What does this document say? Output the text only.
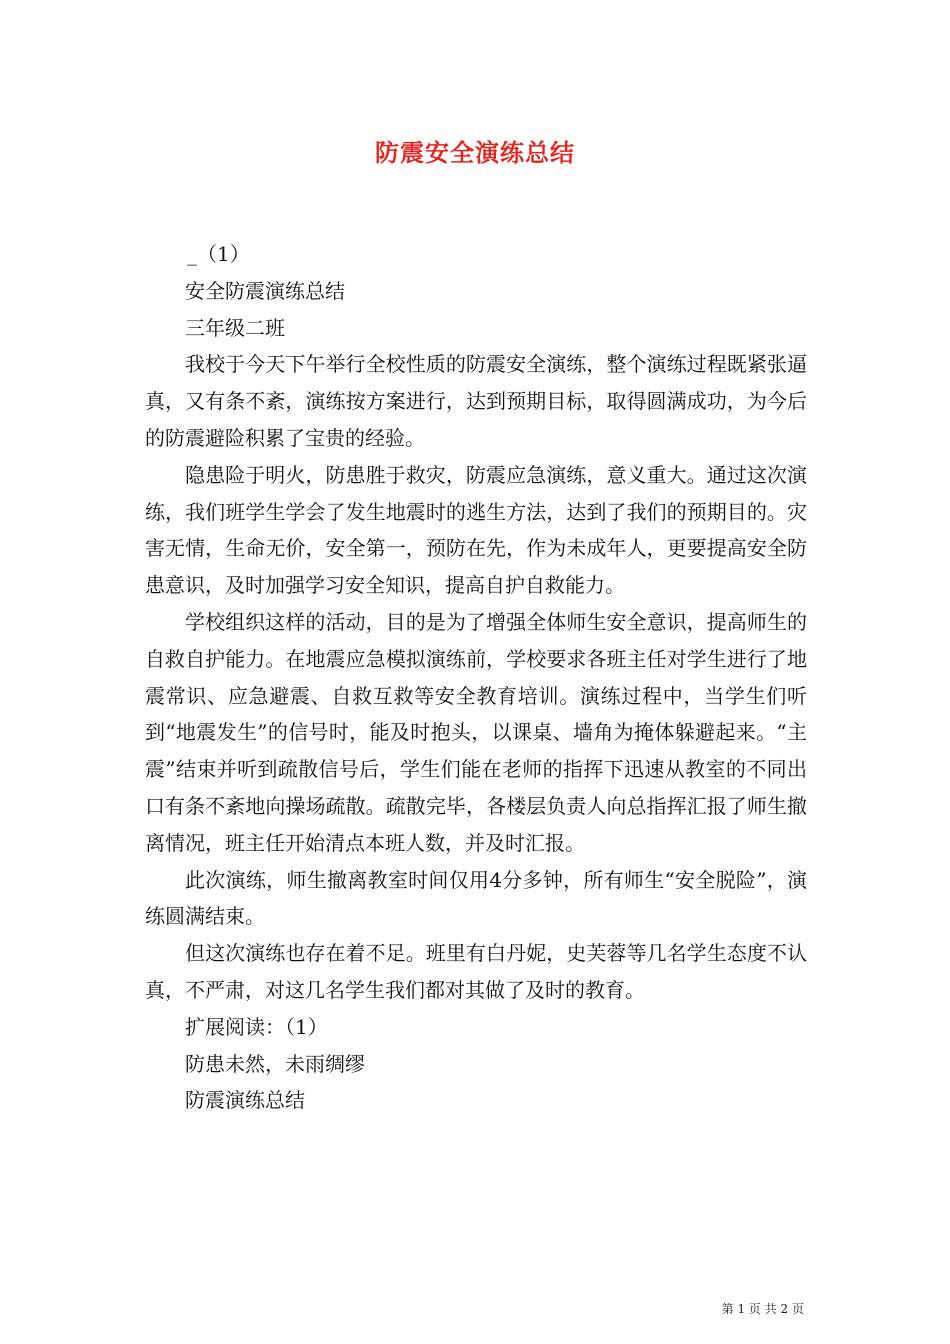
防震安全演练总结

_（1）

安全防震演练总结

三年级二班

我校于今天下午举行全校性质的防震安全演练，整个演练过程既紧张逼真，又有条不紊，演练按方案进行，达到预期目标，取得圆满成功，为今后的防震避险积累了宝贵的经验。

隐患险于明火，防患胜于救灾，防震应急演练，意义重大。通过这次演练，我们班学生学会了发生地震时的逃生方法，达到了我们的预期目的。灾害无情，生命无价，安全第一，预防在先，作为未成年人，更要提高安全防患意识，及时加强学习安全知识，提高自护自救能力。

学校组织这样的活动，目的是为了增强全体师生安全意识，提高师生的自救自护能力。在地震应急模拟演练前，学校要求各班主任对学生进行了地震常识、应急避震、自救互救等安全教育培训。演练过程中，当学生们听到“地震发生”的信号时，能及时抱头，以课桌、墙角为掩体躲避起来。“主震”结束并听到疏散信号后，学生们能在老师的指挥下迅速从教室的不同出口有条不紊地向操场疏散。疏散完毕，各楼层负责人向总指挥汇报了师生撤离情况，班主任开始清点本班人数，并及时汇报。

此次演练，师生撤离教室时间仅用4分多钟，所有师生“安全脱险”，演练圆满结束。

但这次演练也存在着不足。班里有白丹妮，史芙蓉等几名学生态度不认真，不严肃，对这几名学生我们都对其做了及时的教育。

扩展阅读：（1）

防患未然，未雨绸缪

防震演练总结

第 1 页 共 2 页
